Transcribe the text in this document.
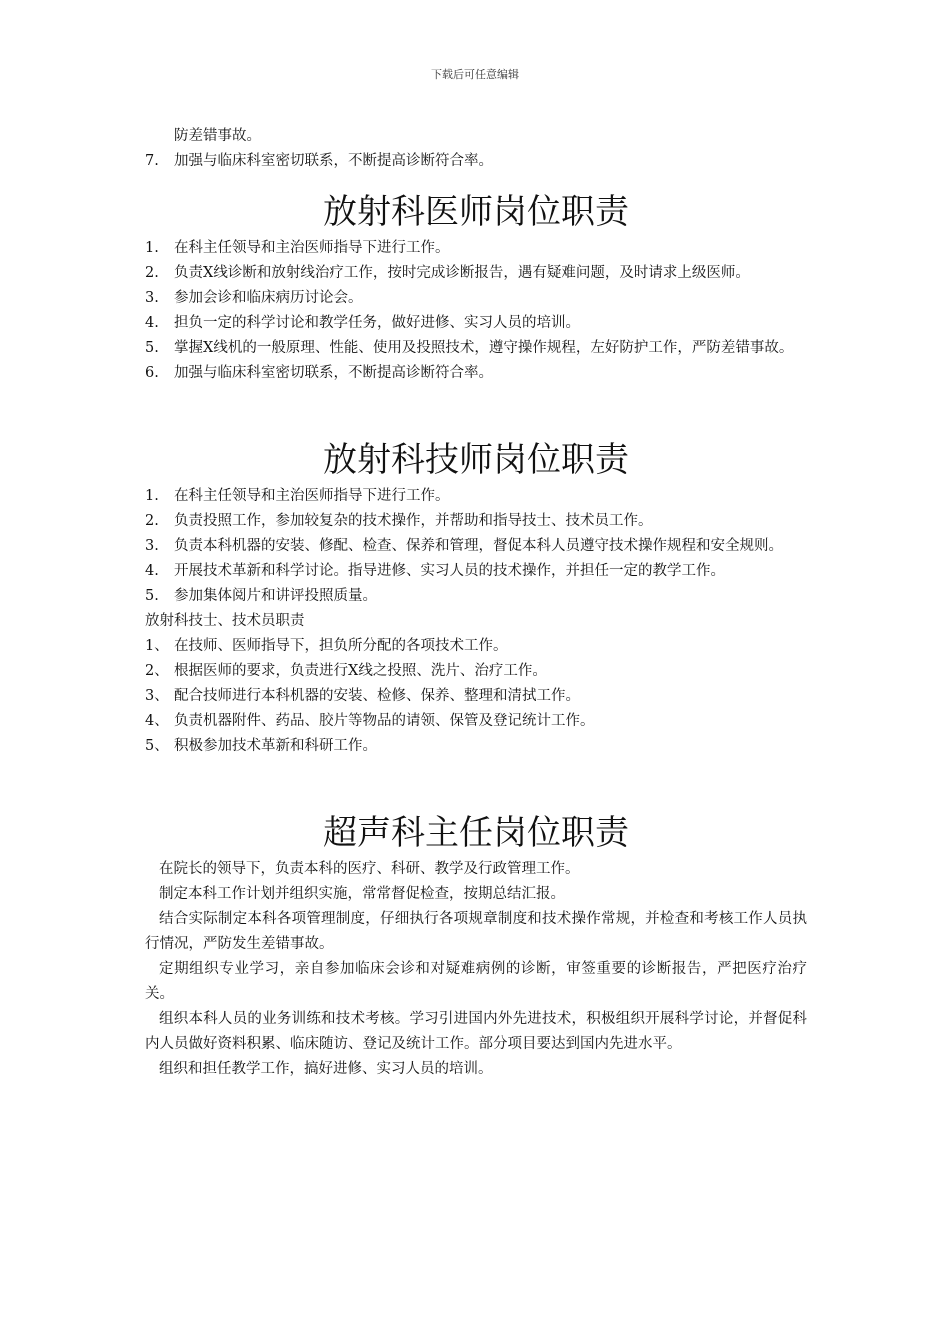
下载后可任意编辑
防差错事故。
7. 加强与临床科室密切联系，不断提高诊断符合率。
放射科医师岗位职责
1. 在科主任领导和主治医师指导下进行工作。
2. 负责X线诊断和放射线治疗工作，按时完成诊断报告，遇有疑难问题，及时请求上级医师。
3. 参加会诊和临床病历讨论会。
4. 担负一定的科学讨论和教学任务，做好进修、实习人员的培训。
5. 掌握X线机的一般原理、性能、使用及投照技术，遵守操作规程，左好防护工作，严防差错事故。
6. 加强与临床科室密切联系，不断提高诊断符合率。
放射科技师岗位职责
1. 在科主任领导和主治医师指导下进行工作。
2. 负责投照工作，参加较复杂的技术操作，并帮助和指导技士、技术员工作。
3. 负责本科机器的安装、修配、检查、保养和管理，督促本科人员遵守技术操作规程和安全规则。
4. 开展技术革新和科学讨论。指导进修、实习人员的技术操作，并担任一定的教学工作。
5. 参加集体阅片和讲评投照质量。
放射科技士、技术员职责
1、 在技师、医师指导下，担负所分配的各项技术工作。
2、 根据医师的要求，负责进行X线之投照、洗片、治疗工作。
3、 配合技师进行本科机器的安装、检修、保养、整理和清拭工作。
4、 负责机器附件、药品、胶片等物品的请领、保管及登记统计工作。
5、 积极参加技术革新和科研工作。
超声科主任岗位职责

在院长的领导下，负责本科的医疗、科研、教学及行政管理工作。

制定本科工作计划并组织实施，常常督促检查，按期总结汇报。

结合实际制定本科各项管理制度，仔细执行各项规章制度和技术操作常规，并检查和考核工作人员执行情况，严防发生差错事故。

定期组织专业学习，亲自参加临床会诊和对疑难病例的诊断，审签重要的诊断报告，严把医疗治疗关。

组织本科人员的业务训练和技术考核。学习引进国内外先进技术，积极组织开展科学讨论，并督促科内人员做好资料积累、临床随访、登记及统计工作。部分项目要达到国内先进水平。

组织和担任教学工作，搞好进修、实习人员的培训。
